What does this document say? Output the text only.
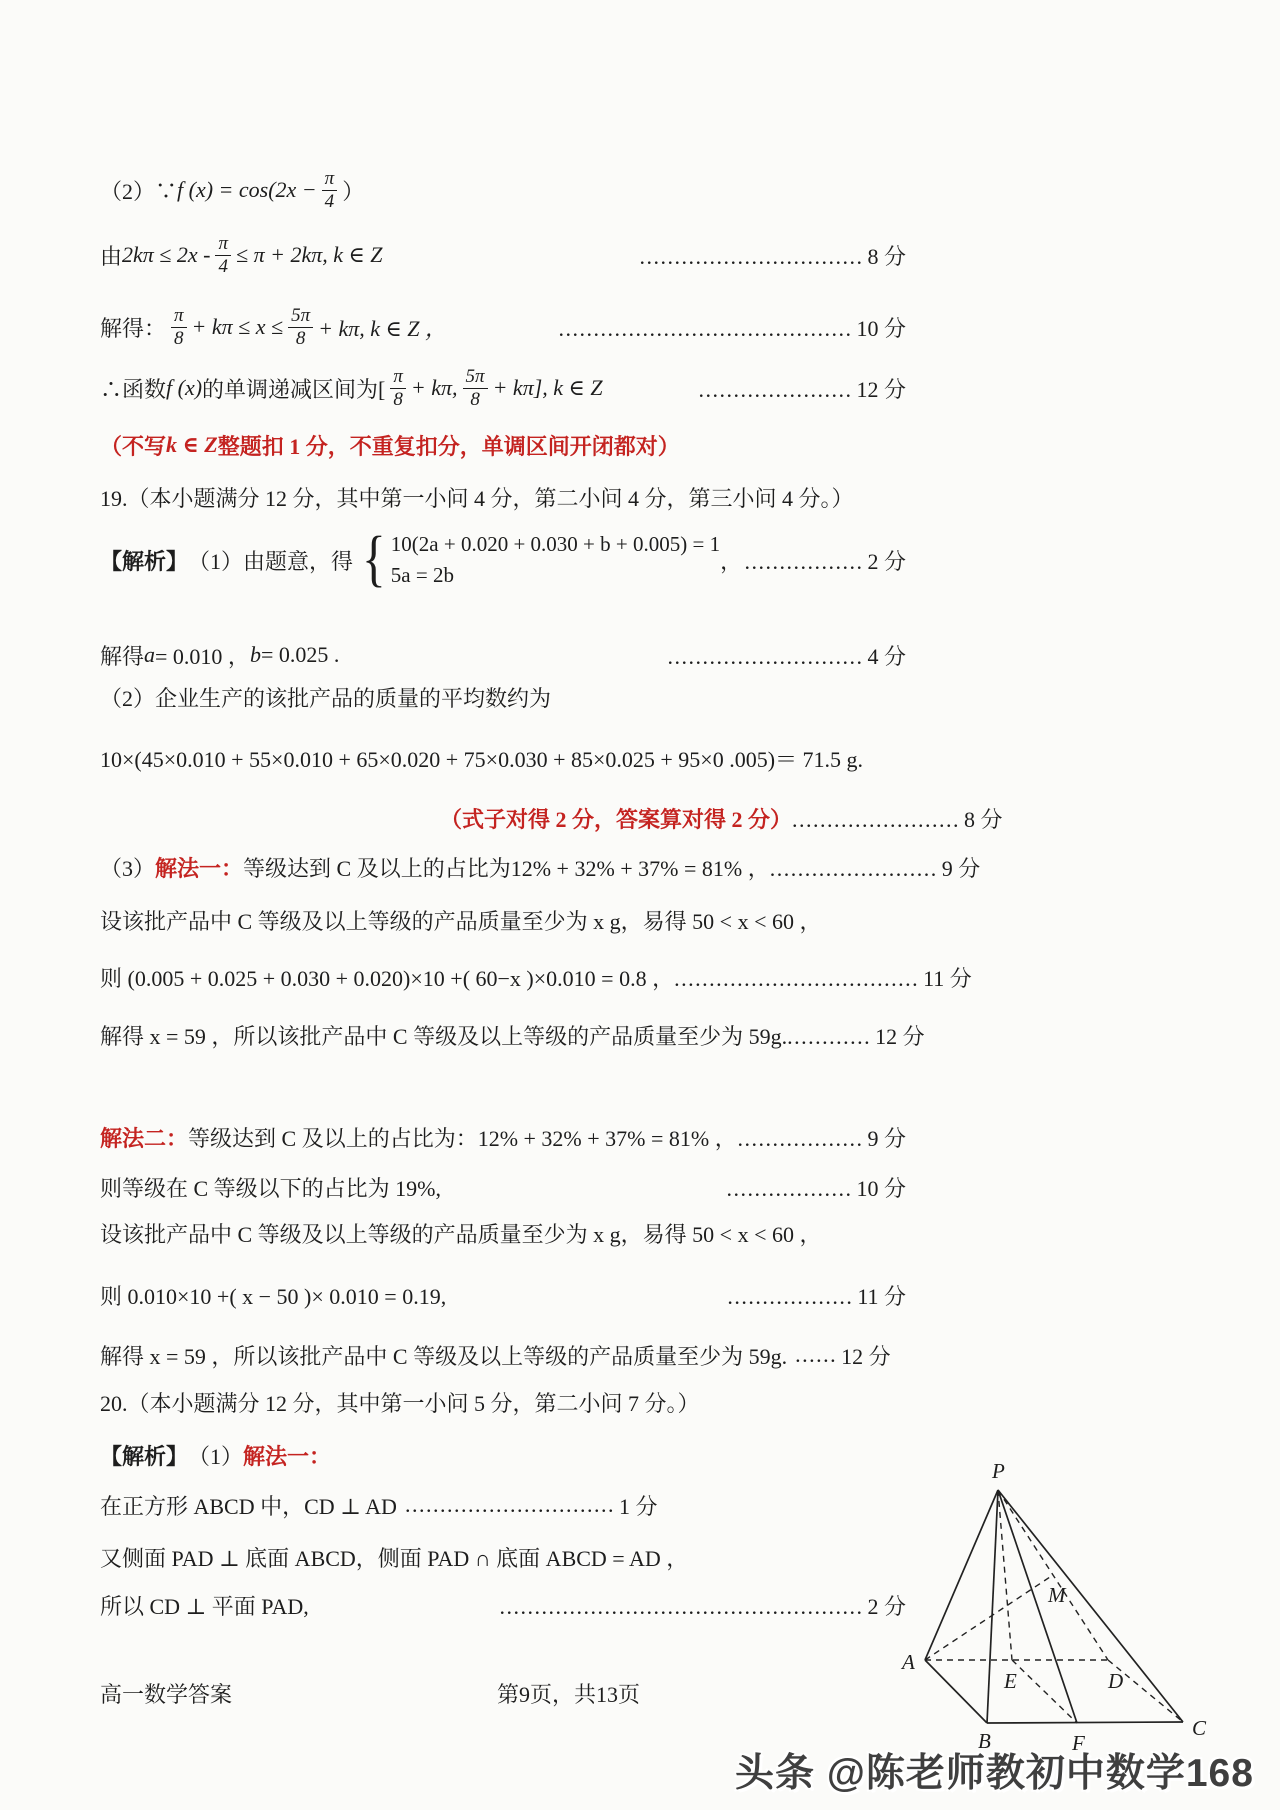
（2）∵ f $(x) = \cos(2x - \frac{\pi}{4}$ ）
由 $2k\pi \le 2x - \frac{\pi}{4} \le \pi + 2k\pi$, k ∈ Z	................................ 8 分
解得： $\frac{\pi}{8} + k\pi \le x \le \frac{5\pi}{8} + k\pi$, k ∈ Z ，	.......................................... 10 分
∴函数 f (x) 的单调递减区间为[ $\frac{\pi}{8} + k\pi$, $\frac{5\pi}{8} + k\pi$], k ∈ Z	...................... 12 分
（不写 k ∈ Z 整题扣 1 分，不重复扣分，单调区间开闭都对）
19.（本小题满分 12 分，其中第一小问 4 分，第二小问 4 分，第三小问 4 分。）
【解析】 （1）由题意，得 { 10(2a + 0.020 + 0.030 + b + 0.005) = 1
5a = 2b
， ................. 2 分
解得 a = 0.010 ， b = 0.025 .	............................ 4 分
（2）企业生产的该批产品的质量的平均数约为
10×(45×0.010 + 55×0.010 + 65×0.020 + 75×0.030 + 85×0.025 + 95×0 .005)＝ 71.5 g.
（式子对得 2 分，答案算对得 2 分） ........................ 8 分
（3） 解法一： 等级达到 C 及以上的占比为12% + 32% + 37% = 81% ， ........................ 9 分
设该批产品中 C 等级及以上等级的产品质量至少为 x g，易得 50 < x < 60 ，
则 (0.005 + 0.025 + 0.030 + 0.020)×10 +( 60−x )×0.010 = 0.8 ， ................................... 11 分
解得 x = 59 ，所以该批产品中 C 等级及以上等级的产品质量至少为 59g. ............ 12 分
解法二： 等级达到 C 及以上的占比为：12% + 32% + 37% = 81% ， .................. 9 分
则等级在 C 等级以下的占比为 19%,	.................. 10 分
设该批产品中 C 等级及以上等级的产品质量至少为 x g，易得 50 < x < 60 ，
则 0.010×10 +( x − 50 )× 0.010 = 0.19,	.................. 11 分
解得 x = 59 ，所以该批产品中 C 等级及以上等级的产品质量至少为 59g. ...... 12 分
20.（本小题满分 12 分，其中第一小问 5 分，第二小问 7 分。）
【解析】 （1） 解法一：
在正方形 ABCD 中，CD ⊥ AD .............................. 1 分
又侧面 PAD ⊥ 底面 ABCD，侧面 PAD ∩ 底面 ABCD = AD ，
所以 CD ⊥ 平面 PAD,	.................................................... 2 分
P
A
B
C
D
E
F
M
高一数学答案	第9页，共13页
头条 @陈老师教初中数学168
